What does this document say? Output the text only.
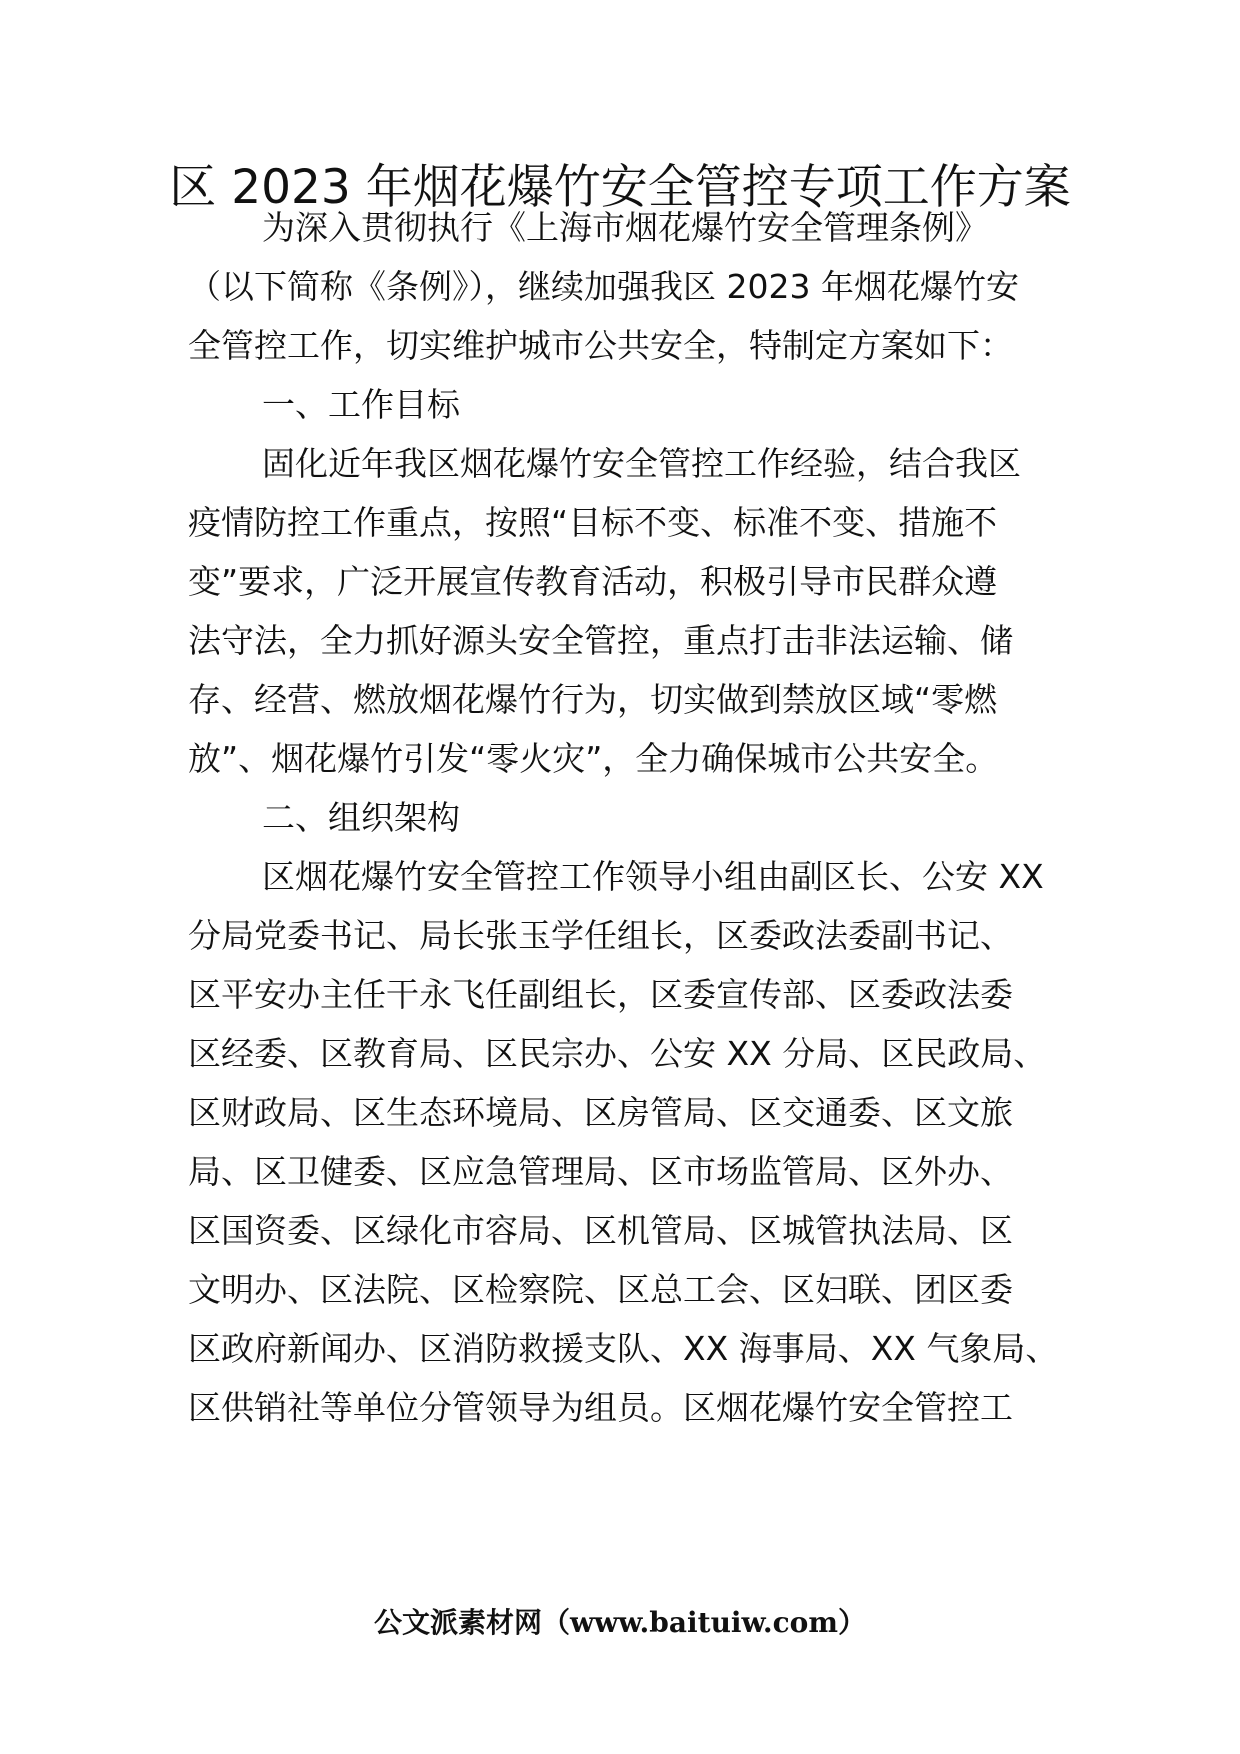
区 2023 年烟花爆竹安全管控专项工作方案
为深入贯彻执行《上海市烟花爆竹安全管理条例》
（以下简称《条例》），继续加强我区 2023 年烟花爆竹安
全管控工作，切实维护城市公共安全，特制定方案如下：
一、工作目标
固化近年我区烟花爆竹安全管控工作经验，结合我区
疫情防控工作重点，按照“目标不变、标准不变、措施不
变”要求，广泛开展宣传教育活动，积极引导市民群众遵
法守法，全力抓好源头安全管控，重点打击非法运输、储
存、经营、燃放烟花爆竹行为，切实做到禁放区域“零燃
放”、烟花爆竹引发“零火灾”，全力确保城市公共安全。
二、组织架构
区烟花爆竹安全管控工作领导小组由副区长、公安 XX
分局党委书记、局长张玉学任组长，区委政法委副书记、
区平安办主任干永飞任副组长，区委宣传部、区委政法委
区经委、区教育局、区民宗办、公安 XX 分局、区民政局、
区财政局、区生态环境局、区房管局、区交通委、区文旅
局、区卫健委、区应急管理局、区市场监管局、区外办、
区国资委、区绿化市容局、区机管局、区城管执法局、区
文明办、区法院、区检察院、区总工会、区妇联、团区委
区政府新闻办、区消防救援支队、XX 海事局、XX 气象局、
区供销社等单位分管领导为组员。区烟花爆竹安全管控工
公文派素材网（www.baituiw.com）
